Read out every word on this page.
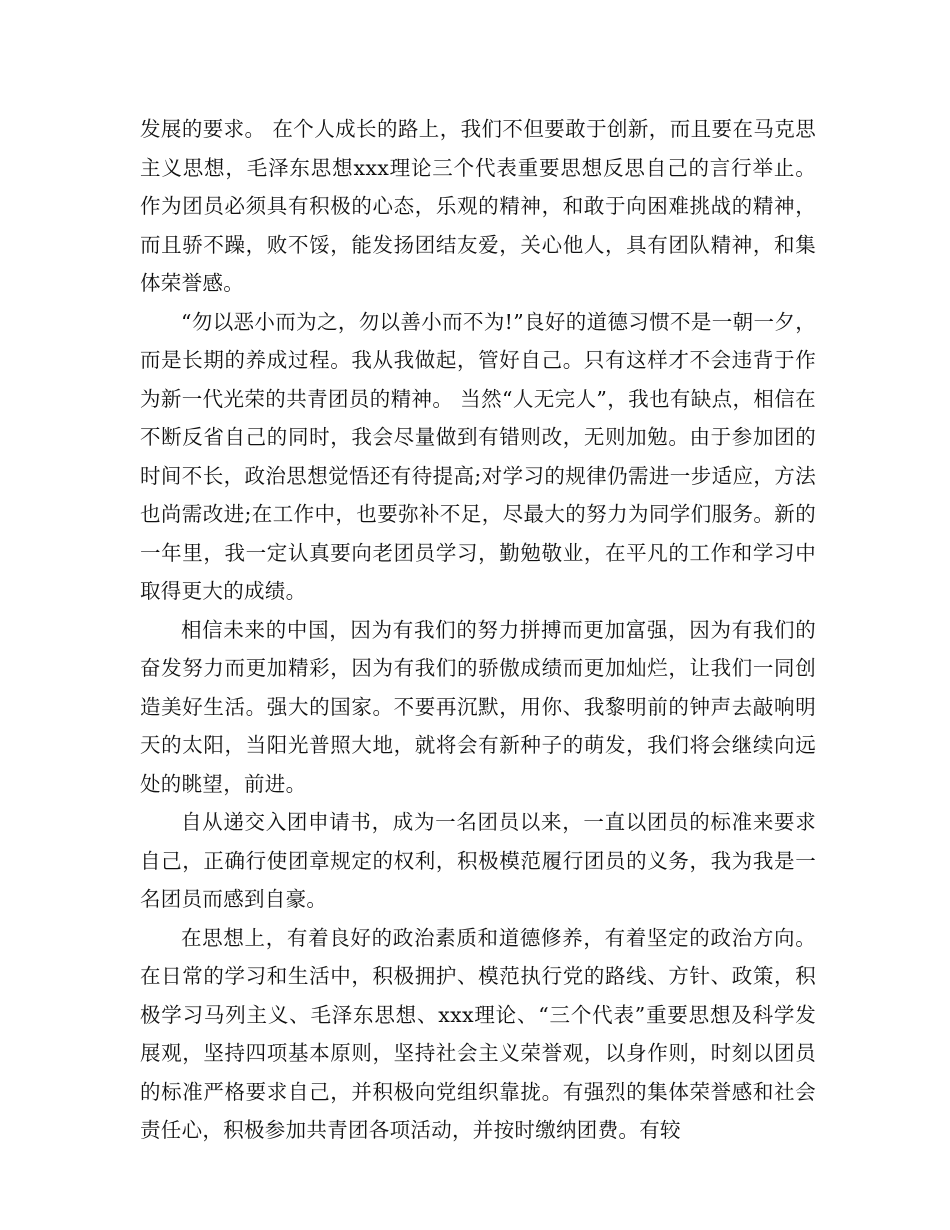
发展的要求。 在个人成长的路上，我们不但要敢于创新，而且要在马克思主义思想，毛泽东思想xxx理论三个代表重要思想反思自己的言行举止。作为团员必须具有积极的心态，乐观的精神，和敢于向困难挑战的精神，而且骄不躁，败不馁，能发扬团结友爱，关心他人，具有团队精神，和集体荣誉感。

“勿以恶小而为之，勿以善小而不为!”良好的道德习惯不是一朝一夕，而是长期的养成过程。我从我做起，管好自己。只有这样才不会违背于作为新一代光荣的共青团员的精神。 当然“人无完人”，我也有缺点，相信在不断反省自己的同时，我会尽量做到有错则改，无则加勉。由于参加团的时间不长，政治思想觉悟还有待提高;对学习的规律仍需进一步适应，方法也尚需改进;在工作中，也要弥补不足，尽最大的努力为同学们服务。新的一年里，我一定认真要向老团员学习，勤勉敬业，在平凡的工作和学习中取得更大的成绩。

相信未来的中国，因为有我们的努力拼搏而更加富强，因为有我们的奋发努力而更加精彩，因为有我们的骄傲成绩而更加灿烂，让我们一同创造美好生活。强大的国家。不要再沉默，用你、我黎明前的钟声去敲响明天的太阳，当阳光普照大地，就将会有新种子的萌发，我们将会继续向远处的眺望，前进。

自从递交入团申请书，成为一名团员以来，一直以团员的标准来要求自己，正确行使团章规定的权利，积极模范履行团员的义务，我为我是一名团员而感到自豪。

在思想上，有着良好的政治素质和道德修养，有着坚定的政治方向。在日常的学习和生活中，积极拥护、模范执行党的路线、方针、政策，积极学习马列主义、毛泽东思想、xxx理论、“三个代表”重要思想及科学发展观，坚持四项基本原则，坚持社会主义荣誉观，以身作则，时刻以团员的标准严格要求自己，并积极向党组织靠拢。有强烈的集体荣誉感和社会责任心，积极参加共青团各项活动，并按时缴纳团费。有较
